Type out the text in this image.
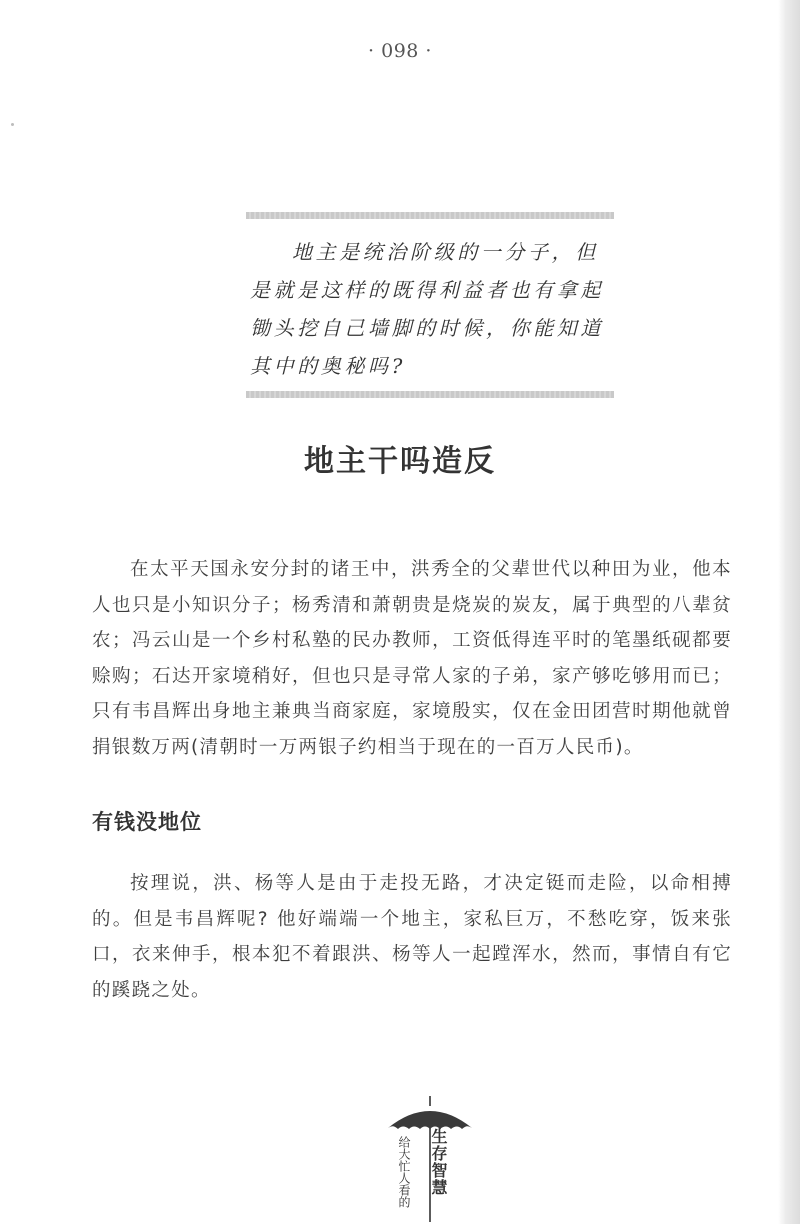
· 098 ·

地主是统治阶级的一分子，但是就是这样的既得利益者也有拿起锄头挖自己墙脚的时候，你能知道其中的奥秘吗?

地主干吗造反

在太平天国永安分封的诸王中，洪秀全的父辈世代以种田为业，他本人也只是小知识分子；杨秀清和萧朝贵是烧炭的炭友，属于典型的八辈贫农；冯云山是一个乡村私塾的民办教师，工资低得连平时的笔墨纸砚都要赊购；石达开家境稍好，但也只是寻常人家的子弟，家产够吃够用而已；只有韦昌辉出身地主兼典当商家庭，家境殷实，仅在金田团营时期他就曾捐银数万两(清朝时一万两银子约相当于现在的一百万人民币)。

有钱没地位

按理说，洪、杨等人是由于走投无路，才决定铤而走险，以命相搏的。但是韦昌辉呢? 他好端端一个地主，家私巨万，不愁吃穿，饭来张口，衣来伸手，根本犯不着跟洪、杨等人一起蹚浑水，然而，事情自有它的蹊跷之处。

给大忙人看的 生存智慧
